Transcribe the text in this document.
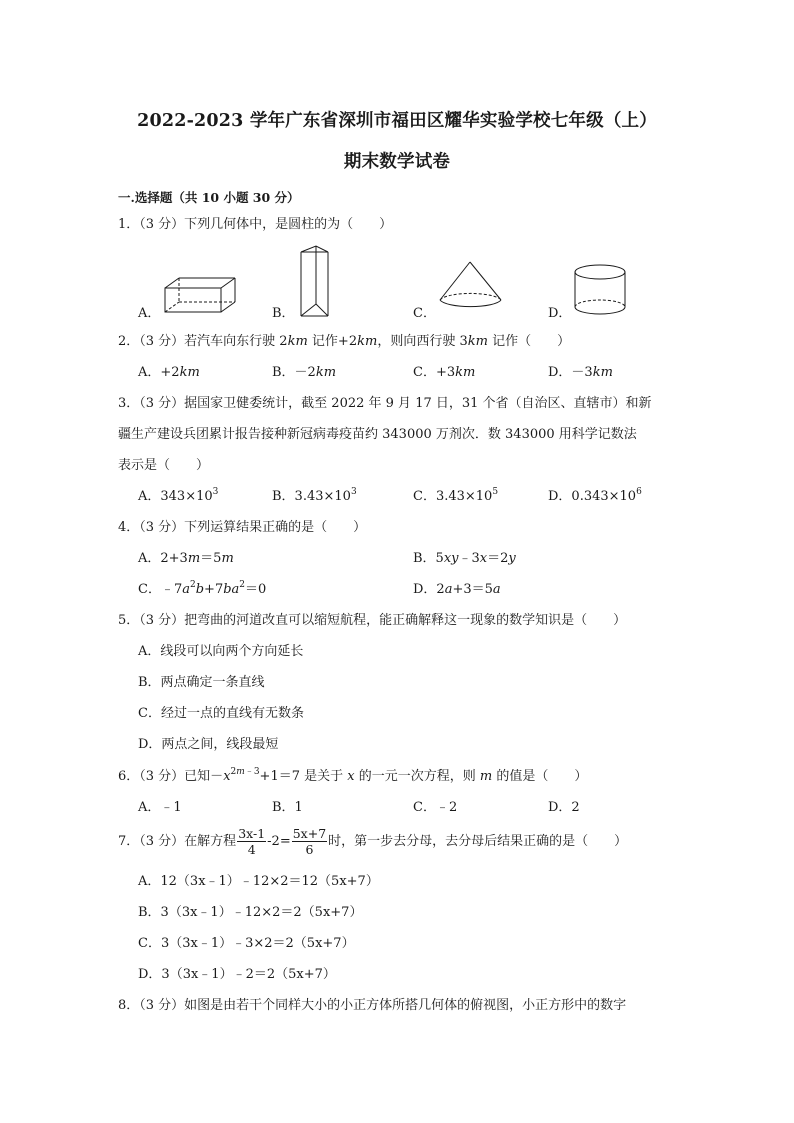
2022-2023 学年广东省深圳市福田区耀华实验学校七年级（上）
期末数学试卷
一.选择题（共 10 小题 30 分）
1．（3 分）下列几何体中，是圆柱的为（　　）
A．	B．	C．	D．
2．（3 分）若汽车向东行驶 2km 记作+2km，则向西行驶 3km 记作（　　）
A．+2km	B．－2km	C．+3km	D．－3km
3．（3 分）据国家卫健委统计，截至 2022 年 9 月 17 日，31 个省（自治区、直辖市）和新
疆生产建设兵团累计报告接种新冠病毒疫苗约 343000 万剂次．数 343000 用科学记数法
表示是（　　）
A．$343\times 10^3$	B．$3.43\times 10^3$	C．$3.43\times 10^5$	D．$0.343\times 10^6$
4．（3 分）下列运算结果正确的是（　　）
A．2+3m＝5m	B．5xy﹣3x＝2y
C．$﹣7a^2b+7ba^2=0$	D．2a+3＝5a
5．（3 分）把弯曲的河道改直可以缩短航程，能正确解释这一现象的数学知识是（　　）
A．线段可以向两个方向延长
B．两点确定一条直线
C．经过一点的直线有无数条
D．两点之间，线段最短
6．（3 分）已知$-x^{2m﹣3}+1=7$ 是关于 x 的一元一次方程，则 m 的值是（　　）
A．﹣1	B．1	C．﹣2	D．2
7．（3 分）在解方程 $\frac{3x-1}{4} -2= \frac{5x+7}{6}$ 时，第一步去分母，去分母后结果正确的是（　　）
A．12（3x﹣1）﹣12×2＝12（5x+7）
B．3（3x﹣1）﹣12×2＝2（5x+7）
C．3（3x﹣1）﹣3×2＝2（5x+7）
D．3（3x﹣1）﹣2＝2（5x+7）
8．（3 分）如图是由若干个同样大小的小正方体所搭几何体的俯视图，小正方形中的数字
